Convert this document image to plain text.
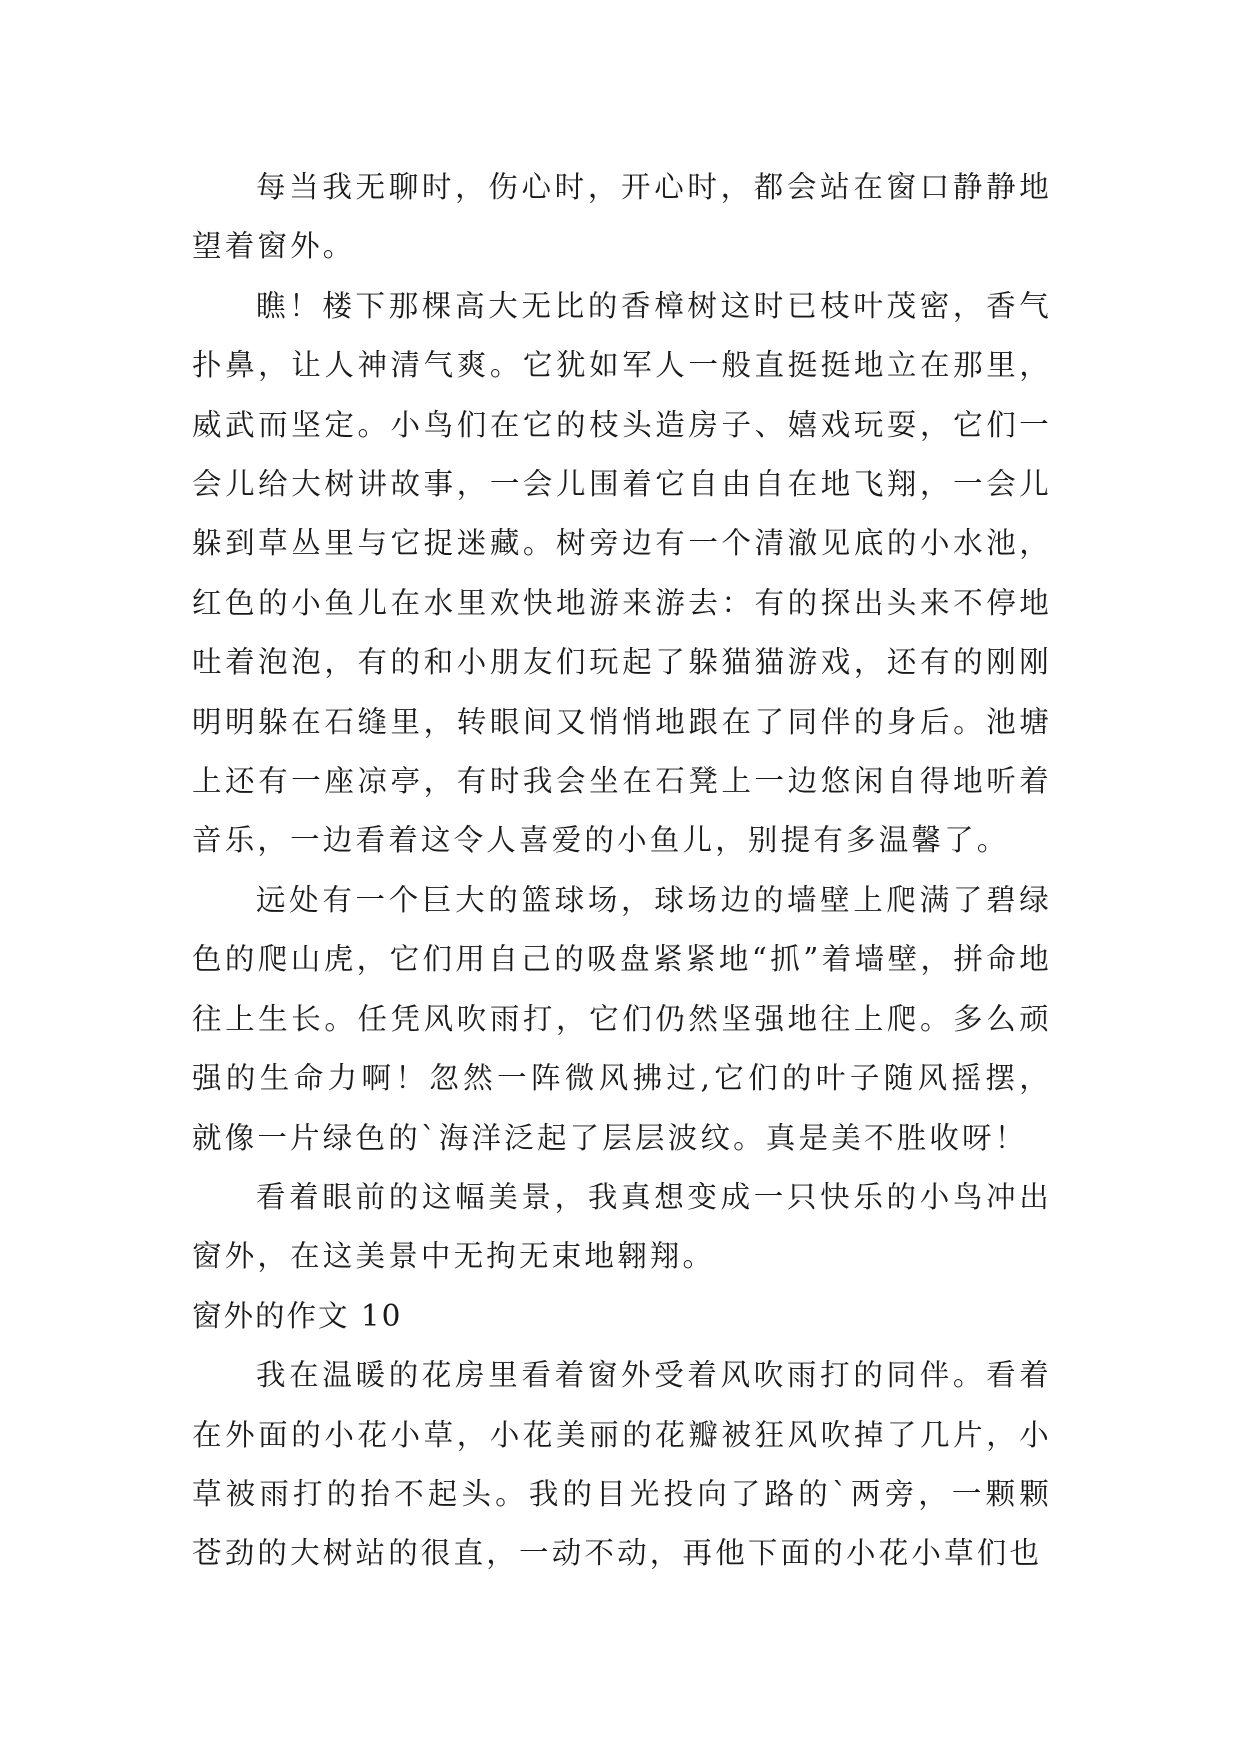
每当我无聊时，伤心时，开心时，都会站在窗口静静地望着窗外。

瞧！楼下那棵高大无比的香樟树这时已枝叶茂密，香气扑鼻，让人神清气爽。它犹如军人一般直挺挺地立在那里，威武而坚定。小鸟们在它的枝头造房子、嬉戏玩耍，它们一会儿给大树讲故事，一会儿围着它自由自在地飞翔，一会儿躲到草丛里与它捉迷藏。树旁边有一个清澈见底的小水池，红色的小鱼儿在水里欢快地游来游去：有的探出头来不停地吐着泡泡，有的和小朋友们玩起了躲猫猫游戏，还有的刚刚明明躲在石缝里，转眼间又悄悄地跟在了同伴的身后。池塘上还有一座凉亭，有时我会坐在石凳上一边悠闲自得地听着音乐，一边看着这令人喜爱的小鱼儿，别提有多温馨了。

远处有一个巨大的篮球场，球场边的墙壁上爬满了碧绿色的爬山虎，它们用自己的吸盘紧紧地“抓”着墙壁，拼命地往上生长。任凭风吹雨打，它们仍然坚强地往上爬。多么顽强的生命力啊！忽然一阵微风拂过,它们的叶子随风摇摆，就像一片绿色的`海洋泛起了层层波纹。真是美不胜收呀！

看着眼前的这幅美景，我真想变成一只快乐的小鸟冲出窗外，在这美景中无拘无束地翱翔。

窗外的作文 10

我在温暖的花房里看着窗外受着风吹雨打的同伴。看着在外面的小花小草，小花美丽的花瓣被狂风吹掉了几片，小草被雨打的抬不起头。我的目光投向了路的`两旁，一颗颗苍劲的大树站的很直，一动不动，再他下面的小花小草们也
